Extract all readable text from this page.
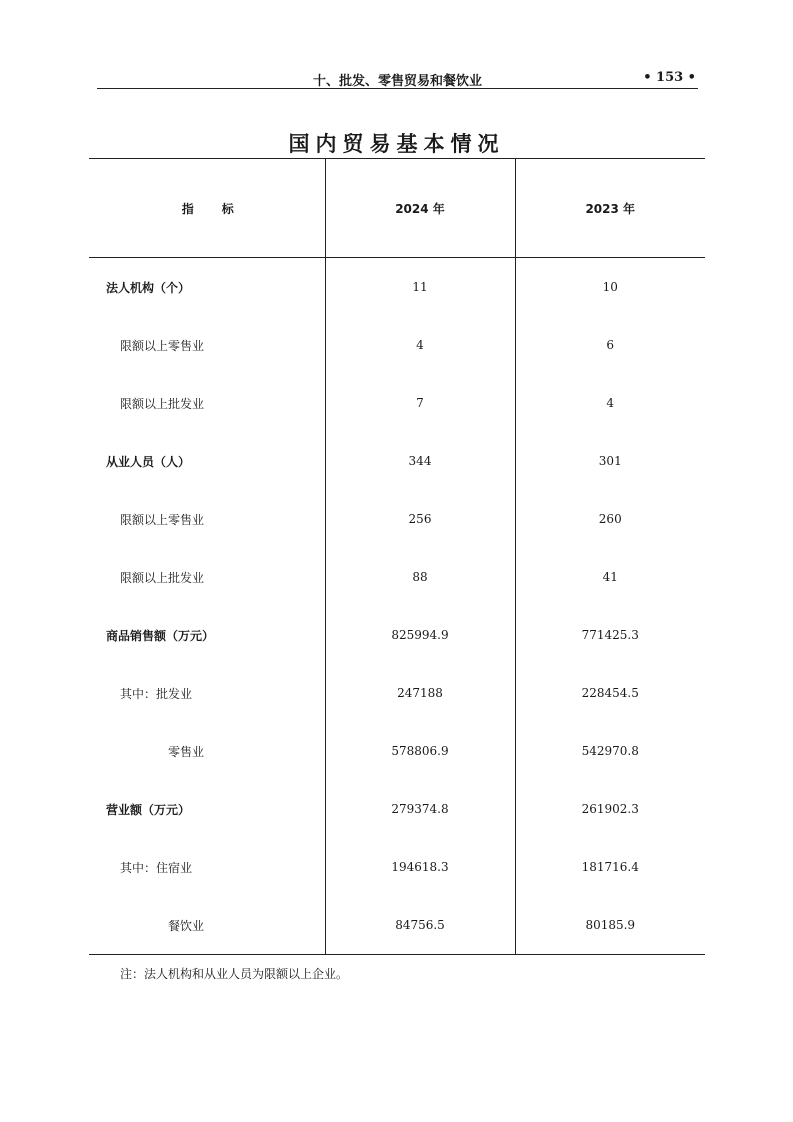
十、批发、零售贸易和餐饮业	• 153 •
国内贸易基本情况
指标	2024 年	2023 年
法人机构（个）	11	10
限额以上零售业	4	6
限额以上批发业	7	4
从业人员（人）	344	301
限额以上零售业	256	260
限额以上批发业	88	41
商品销售额（万元）	825994.9	771425.3
其中：批发业	247188	228454.5
零售业	578806.9	542970.8
营业额（万元）	279374.8	261902.3
其中：住宿业	194618.3	181716.4
餐饮业	84756.5	80185.9
注：法人机构和从业人员为限额以上企业。
